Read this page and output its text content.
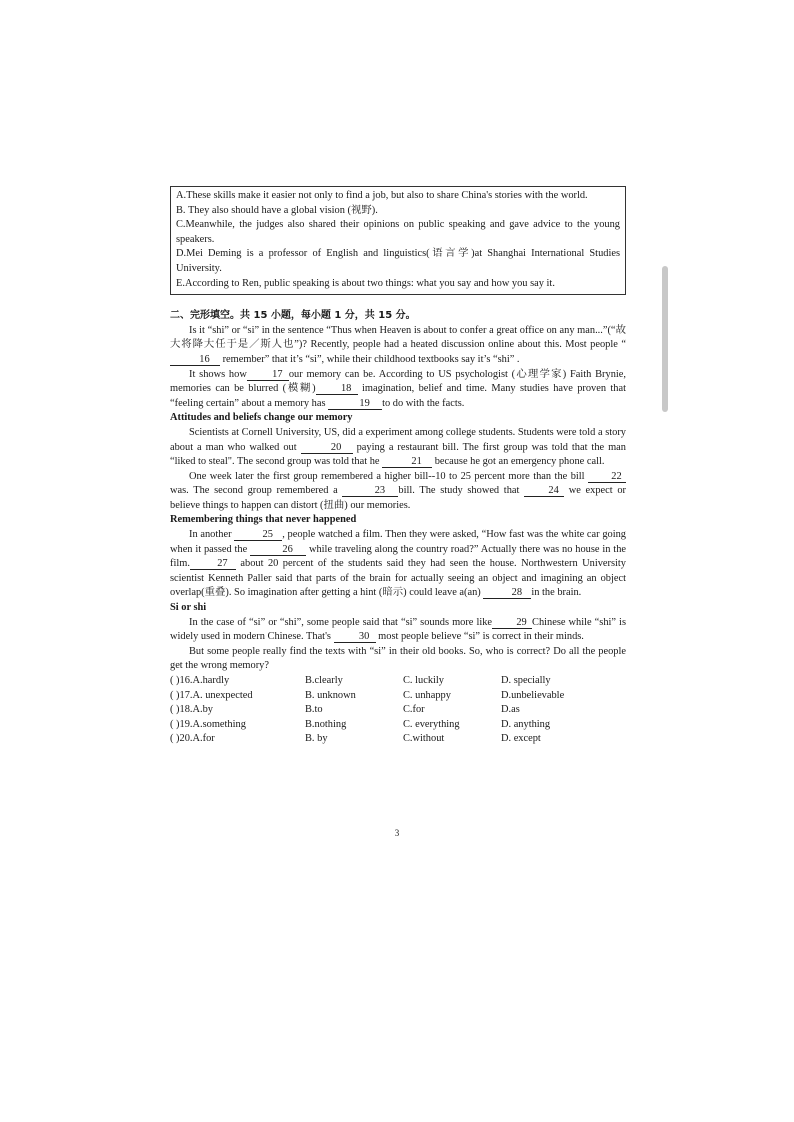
A.These skills make it easier not only to find a job, but also to share China's stories with the world.

B. They also should have a global vision (视野).

C.Meanwhile, the judges also shared their opinions on public speaking and gave advice to the young speakers.

D.Mei Deming is a professor of English and linguistics(语言学)at Shanghai International Studies University.

E.According to Ren, public speaking is about two things: what you say and how you say it.

二、完形填空。共 15 小题，每小题 1 分，共 15 分。

Is it “shi” or “si” in the sentence “Thus when Heaven is about to confer a great office on any man...”(“故大将降大任于是／斯人也”)? Recently, people had a heated discussion online about this. Most people “16 remember” that it’s “si”, while their childhood textbooks say it’s “shi” .

It shows how 17 our memory can be. According to US psychologist (心理学家) Faith Brynie, memories can be blurred (模糊) 18 imagination, belief and time. Many studies have proven that “feeling certain” about a memory has	19 to do with the facts.

Attitudes and beliefs change our memory

Scientists at Cornell University, US, did a experiment among college students. Students were told a story about a man who walked out	20 paying a restaurant bill. The first group was told that the man “liked to steal". The second group was told that he	21 because he got an emergency phone call.

One week later the first group remembered a higher bill--10 to 25 percent more than the bill 22 was. The second group remembered a	23 bill. The study showed that 24 we expect or believe things to happen can distort (扭曲) our memories.

Remembering things that never happened

In another	25 , people watched a film. Then they were asked, “How fast was the white car going when it passed the	26 while traveling along the country road?” Actually there was no house in the film.	27 about 20 percent of the students said they had seen the house. Northwestern University scientist Kenneth Paller said that parts of the brain for actually seeing an object and imagining an object overlap(重叠). So imagination after getting a hint (暗示) could leave a(an)	28 in the brain.

Si or shi

In the case of “si” or “shi”, some people said that “si” sounds more like 29 Chinese while “shi” is widely used in modern Chinese. That's 30 most people believe “si” is correct in their minds.

But some people really find the texts with “si” in their old books. So, who is correct? Do all the people get the wrong memory?

( )16.A.hardly	B.clearly	C. luckily	D. specially
( )17.A. unexpected	B. unknown	C. unhappy	D.unbelievable
( )18.A.by	B.to	C.for	D.as
( )19.A.something	B.nothing	C. everything	D. anything
( )20.A.for	B. by	C.without	D. except
3
